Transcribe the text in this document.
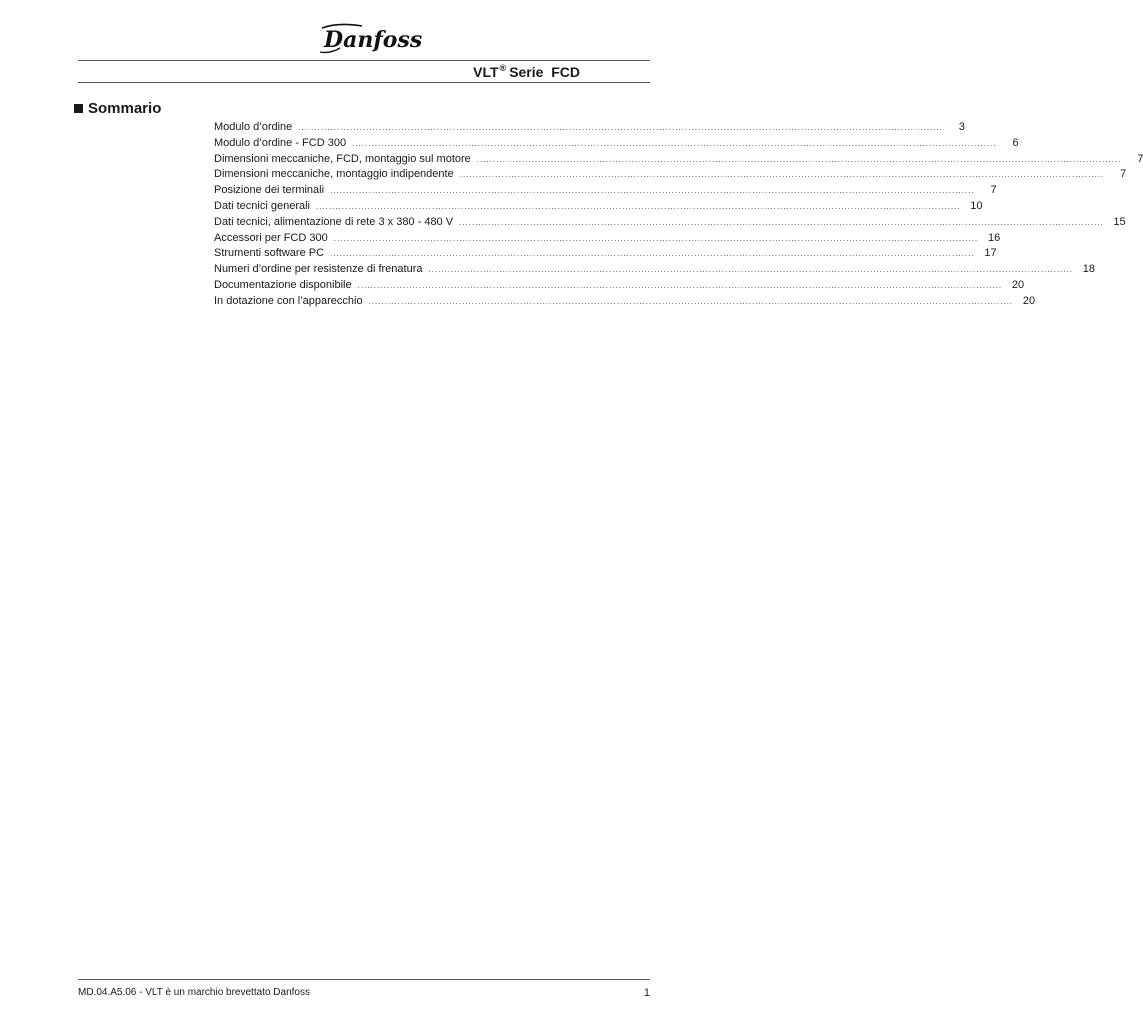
Danfoss
VLT® Serie  FCD
Sommario
Modulo d’ordine ........................................................................................................................................................................................................	3
Modulo d’ordine - FCD 300 ........................................................................................................................................................................................................	6
Dimensioni meccaniche, FCD, montaggio sul motore ........................................................................................................................................................................................................	7
Dimensioni meccaniche, montaggio indipendente ........................................................................................................................................................................................................	7
Posizione dei terminali ........................................................................................................................................................................................................	7
Dati tecnici generali ........................................................................................................................................................................................................ 10
Dati tecnici, alimentazione di rete 3 x 380 - 480 V ........................................................................................................................................................................................................ 15
Accessori per FCD 300 ........................................................................................................................................................................................................ 16
Strumenti software PC ........................................................................................................................................................................................................ 17
Numeri d’ordine per resistenze di frenatura ........................................................................................................................................................................................................ 18
Documentazione disponibile ........................................................................................................................................................................................................ 20
In dotazione con l’apparecchio ........................................................................................................................................................................................................ 20
MD.04.A5.06 - VLT è un marchio brevettato Danfoss	1
